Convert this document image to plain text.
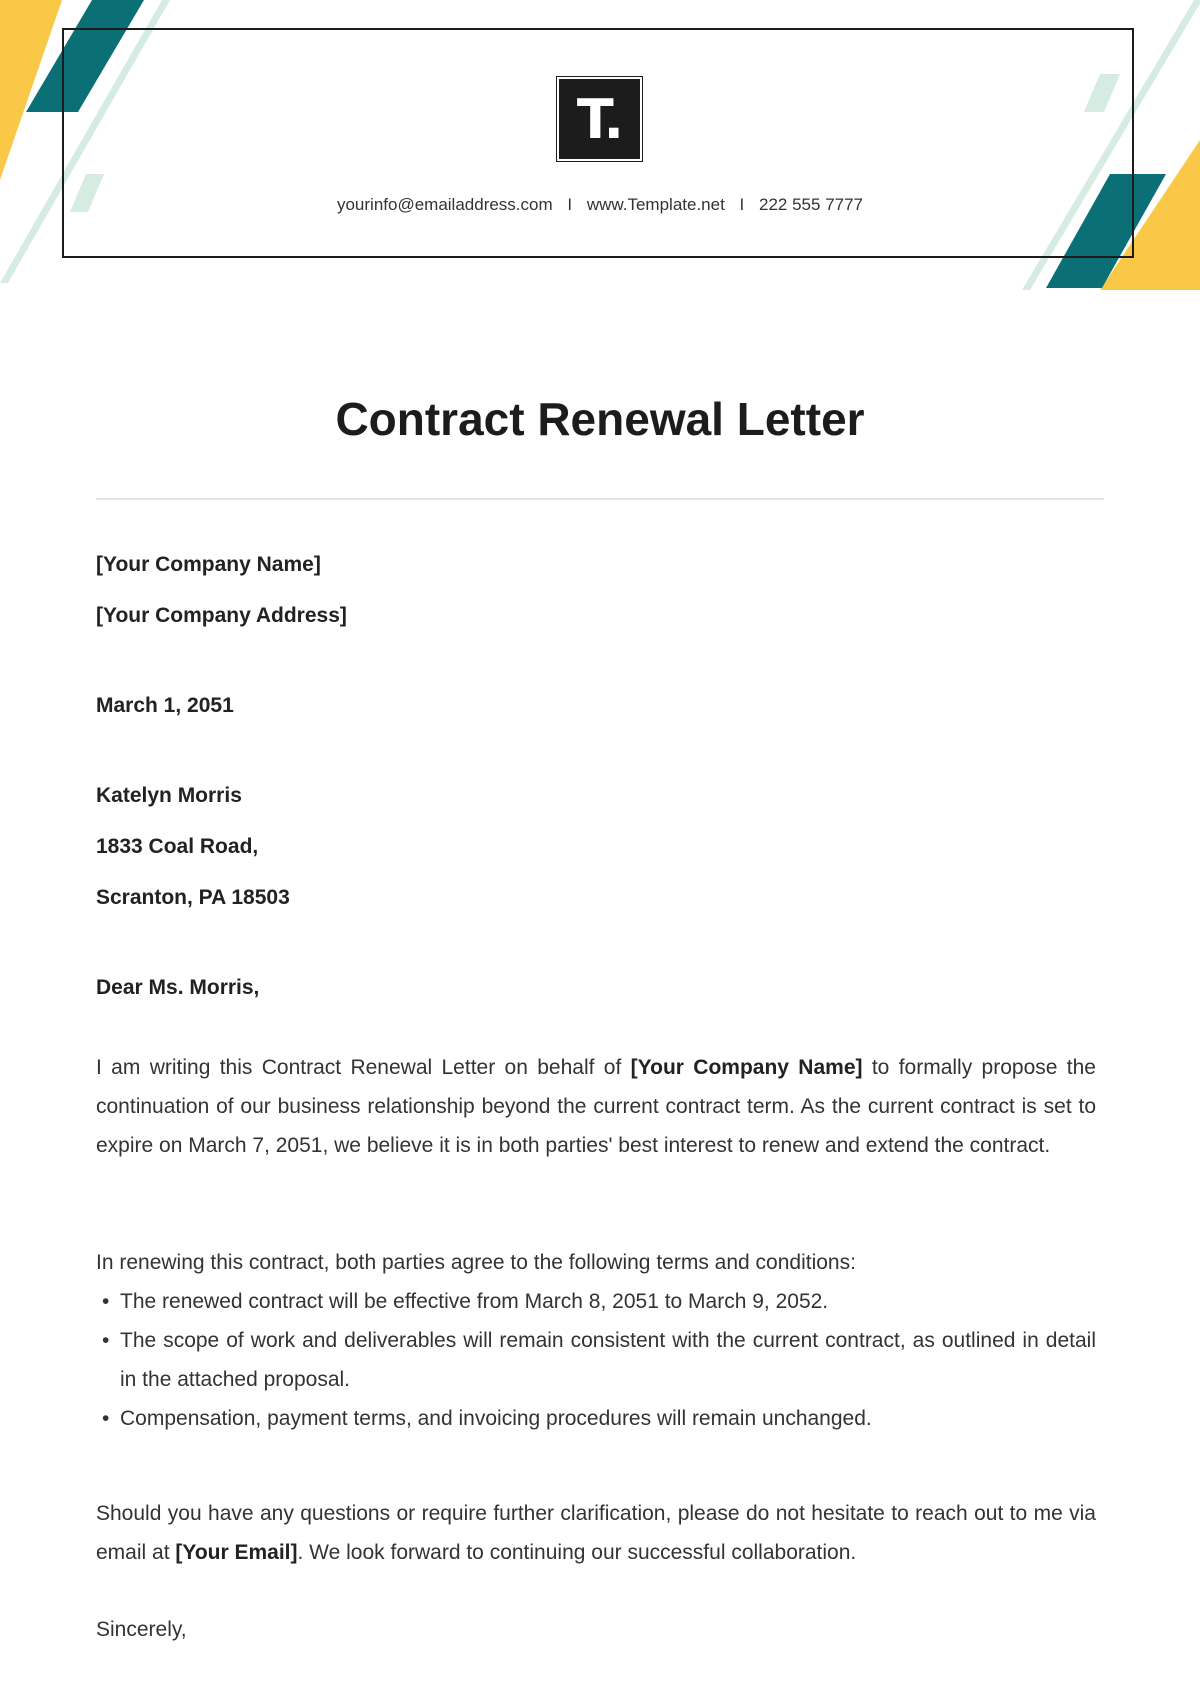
T.
yourinfo@emailaddress.com I www.Template.net I 222 555 7777
Contract Renewal Letter

[Your Company Name]

[Your Company Address]

March 1, 2051

Katelyn Morris

1833 Coal Road,

Scranton, PA 18503

Dear Ms. Morris,

I am writing this Contract Renewal Letter on behalf of [Your Company Name] to formally propose the continuation of our business relationship beyond the current contract term. As the current contract is set to expire on March 7, 2051, we believe it is in both parties' best interest to renew and extend the contract.

In renewing this contract, both parties agree to the following terms and conditions:

• The renewed contract will be effective from March 8, 2051 to March 9, 2052.
• The scope of work and deliverables will remain consistent with the current contract, as outlined in detail in the attached proposal.
• Compensation, payment terms, and invoicing procedures will remain unchanged.

Should you have any questions or require further clarification, please do not hesitate to reach out to me via email at [Your Email]. We look forward to continuing our successful collaboration.

Sincerely,
